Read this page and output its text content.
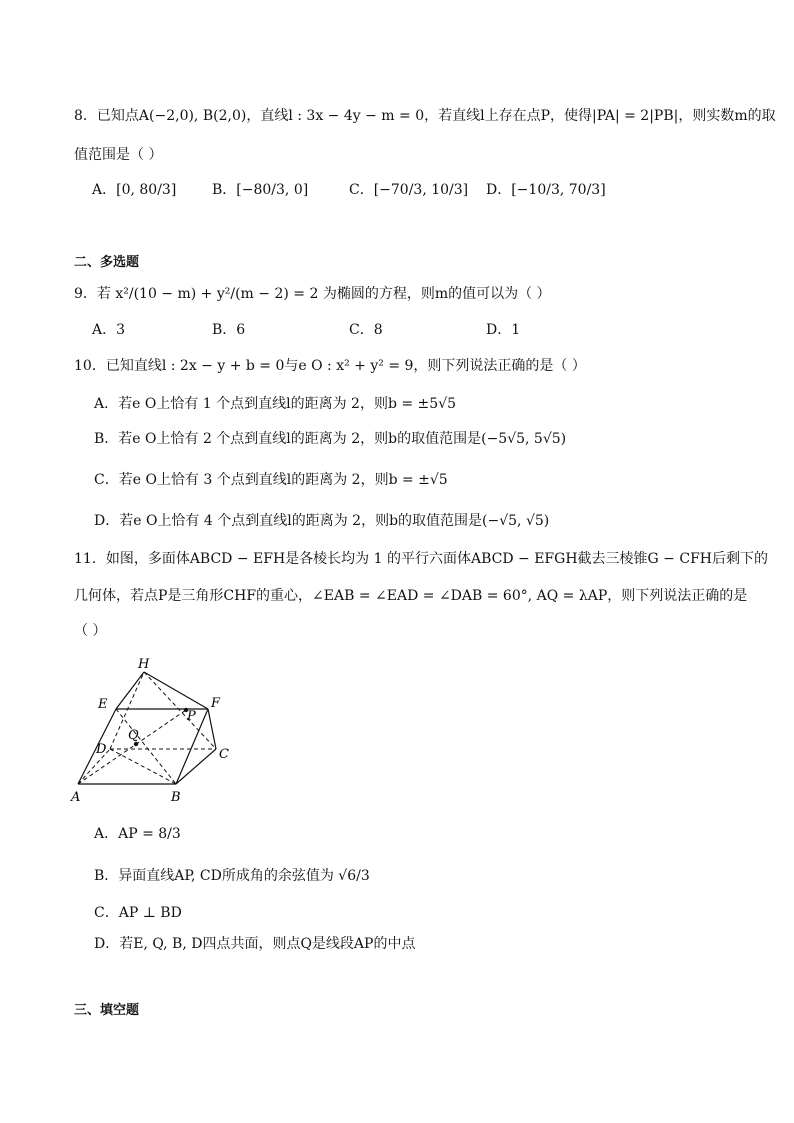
8．已知点A(−2,0), B(2,0)，直线l : 3x − 4y − m = 0，若直线l上存在点P，使得|PA| = 2|PB|，则实数m的取
值范围是（ ）
A．[0, 80/3]	B．[−80/3, 0]	C．[−70/3, 10/3] D．[−10/3, 70/3]
二、多选题
9．若 x²/(10 − m) + y²/(m − 2) = 2 为椭圆的方程，则m的值可以为（ ）
A．3	B．6	C．8	D．1
10．已知直线l : 2x − y + b = 0与e O : x² + y² = 9，则下列说法正确的是（ ）
A．若e O上恰有 1 个点到直线l的距离为 2，则b = ±5√5
B．若e O上恰有 2 个点到直线l的距离为 2，则b的取值范围是(−5√5, 5√5)
C．若e O上恰有 3 个点到直线l的距离为 2，则b = ±√5
D．若e O上恰有 4 个点到直线l的距离为 2，则b的取值范围是(−√5, √5)
11．如图，多面体ABCD − EFH是各棱长均为 1 的平行六面体ABCD − EFGH截去三棱锥G − CFH后剩下的
几何体，若点P是三角形CHF的重心，∠EAB = ∠EAD = ∠DAB = 60°, AQ = λAP，则下列说法正确的是
（ ）
H
E	F
P
Q
D	C
A	B
A．AP = 8/3
B．异面直线AP, CD所成角的余弦值为 √6/3
C．AP ⊥ BD
D．若E, Q, B, D四点共面，则点Q是线段AP的中点
三、填空题
